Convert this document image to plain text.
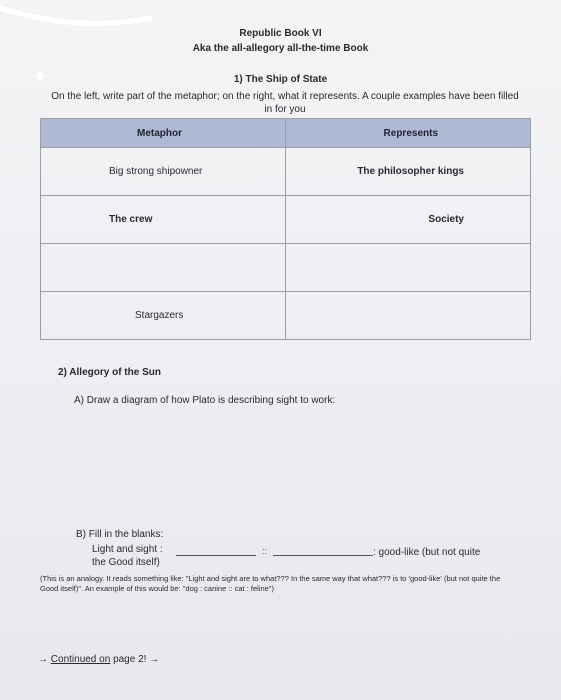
Republic Book VI
Aka the all-allegory all-the-time Book
1) The Ship of State
On the left, write part of the metaphor; on the right, what it represents. A couple examples have been filled in for you
Metaphor	Represents
Big strong shipowner	The philosopher kings
The crew	Society

Stargazers	
2) Allegory of the Sun
A) Draw a diagram of how Plato is describing sight to work:
B) Fill in the blanks:
Light and sight :	::	: good-like (but not quite
the Good itself)
(This is an analogy. It reads something like: "Light and sight are to what??? In the same way that what??? is to 'good-like' (but not quite the Good itself)". An example of this would be: "dog : canine :: cat : feline")
→ Continued on page 2! →
